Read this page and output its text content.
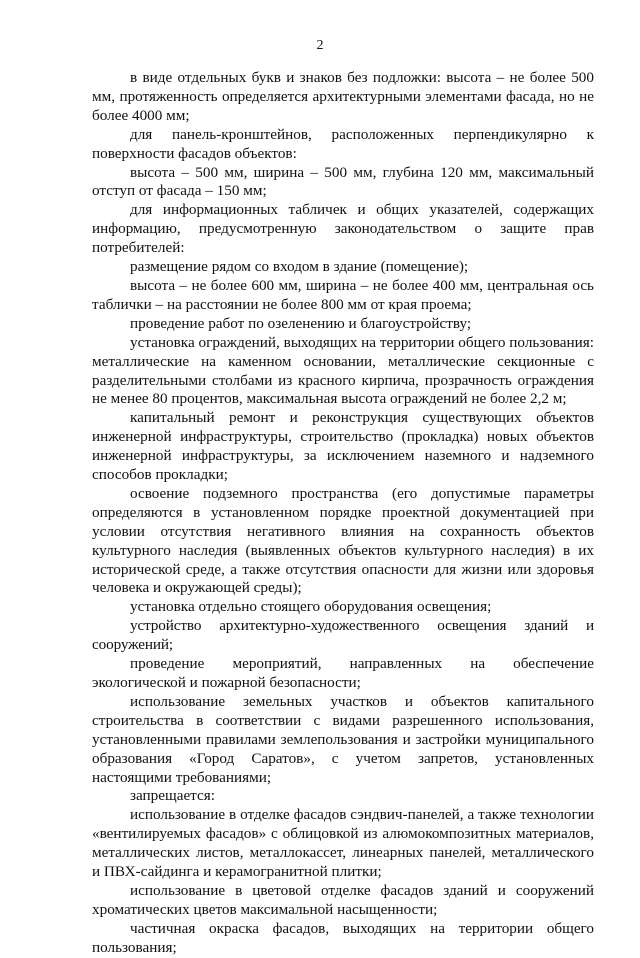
2

в виде отдельных букв и знаков без подложки: высота – не более 500 мм, протяженность определяется архитектурными элементами фасада, но не более 4000 мм;

для панель-кронштейнов, расположенных перпендикулярно к поверхности фасадов объектов:

высота – 500 мм, ширина – 500 мм, глубина 120 мм, максимальный отступ от фасада – 150 мм;

для информационных табличек и общих указателей, содержащих информацию, предусмотренную законодательством о защите прав потребителей:

размещение рядом со входом в здание (помещение);

высота – не более 600 мм, ширина – не более 400 мм, центральная ось таблички – на расстоянии не более 800 мм от края проема;

проведение работ по озеленению и благоустройству;

установка ограждений, выходящих на территории общего пользования: металлические на каменном основании, металлические секционные с разделительными столбами из красного кирпича, прозрачность ограждения не менее 80 процентов, максимальная высота ограждений не более 2,2 м;

капитальный ремонт и реконструкция существующих объектов инженерной инфраструктуры, строительство (прокладка) новых объектов инженерной инфраструктуры, за исключением наземного и надземного способов прокладки;

освоение подземного пространства (его допустимые параметры определяются в установленном порядке проектной документацией при условии отсутствия негативного влияния на сохранность объектов культурного наследия (выявленных объектов культурного наследия) в их исторической среде, а также отсутствия опасности для жизни или здоровья человека и окружающей среды);

установка отдельно стоящего оборудования освещения;

устройство архитектурно-художественного освещения зданий и сооружений;

проведение мероприятий, направленных на обеспечение экологической и пожарной безопасности;

использование земельных участков и объектов капитального строительства в соответствии с видами разрешенного использования, установленными правилами землепользования и застройки муниципального образования «Город Саратов», с учетом запретов, установленных настоящими требованиями;

запрещается:

использование в отделке фасадов сэндвич-панелей, а также технологии «вентилируемых фасадов» с облицовкой из алюмокомпозитных материалов, металлических листов, металлокассет, линеарных панелей, металлического и ПВХ-сайдинга и керамогранитной плитки;

использование в цветовой отделке фасадов зданий и сооружений хроматических цветов максимальной насыщенности;

частичная окраска фасадов, выходящих на территории общего пользования;
